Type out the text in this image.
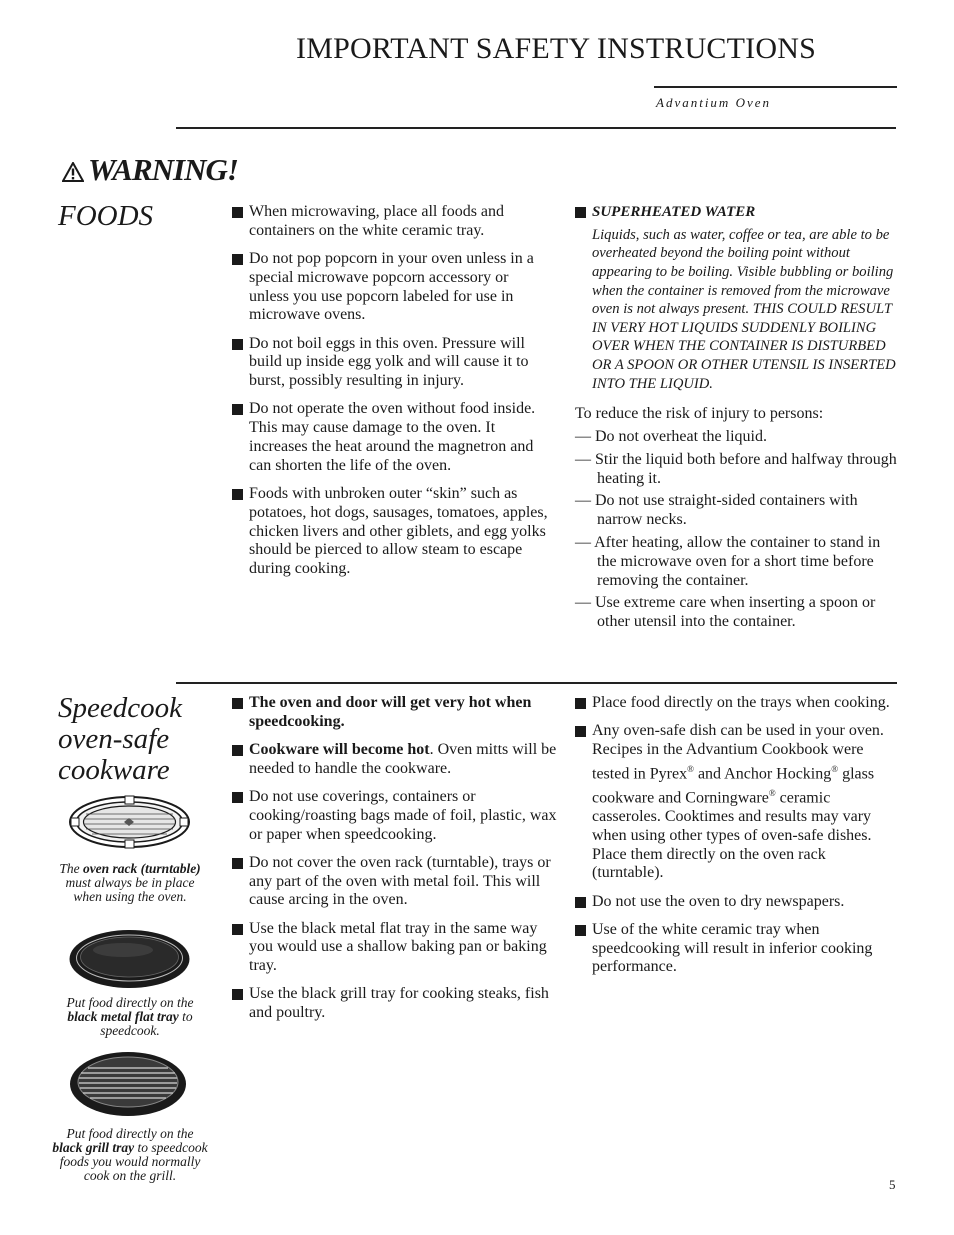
IMPORTANT SAFETY INSTRUCTIONS
Advantium Oven
WARNING!
FOODS	When microwaving, place all foods and containers on the white ceramic tray.
Do not pop popcorn in your oven unless in a special microwave popcorn accessory or unless you use popcorn labeled for use in microwave ovens.
Do not boil eggs in this oven. Pressure will build up inside egg yolk and will cause it to burst, possibly resulting in injury.
Do not operate the oven without food inside. This may cause damage to the oven. It increases the heat around the magnetron and can shorten the life of the oven.
Foods with unbroken outer “skin” such as potatoes, hot dogs, sausages, tomatoes, apples, chicken livers and other giblets, and egg yolks should be pierced to allow steam to escape during cooking.
SUPERHEATED WATER
Liquids, such as water, coffee or tea, are able to be overheated beyond the boiling point without appearing to be boiling. Visible bubbling or boiling when the container is removed from the microwave oven is not always present. THIS COULD RESULT IN VERY HOT LIQUIDS SUDDENLY BOILING OVER WHEN THE CONTAINER IS DISTURBED OR A SPOON OR OTHER UTENSIL IS INSERTED INTO THE LIQUID.
To reduce the risk of injury to persons:
— Do not overheat the liquid.
— Stir the liquid both before and halfway through heating it.
— Do not use straight-sided containers with narrow necks.
— After heating, allow the container to stand in the microwave oven for a short time before removing the container.
— Use extreme care when inserting a spoon or other utensil into the container.
Speedcook
oven-safe
cookware
The oven rack (turntable) must always be in place when using the oven.
Put food directly on the black metal flat tray to speedcook.
Put food directly on the black grill tray to speedcook foods you would normally cook on the grill.
The oven and door will get very hot when speedcooking.
Cookware will become hot. Oven mitts will be needed to handle the cookware.
Do not use coverings, containers or cooking/roasting bags made of foil, plastic, wax or paper when speedcooking.
Do not cover the oven rack (turntable), trays or any part of the oven with metal foil. This will cause arcing in the oven.
Use the black metal flat tray in the same way you would use a shallow baking pan or baking tray.
Use the black grill tray for cooking steaks, fish and poultry.
Place food directly on the trays when cooking.
Any oven-safe dish can be used in your oven. Recipes in the Advantium Cookbook were tested in Pyrex® and Anchor Hocking® glass cookware and Corningware® ceramic casseroles. Cooktimes and results may vary when using other types of oven-safe dishes. Place them directly on the oven rack (turntable).
Do not use the oven to dry newspapers.
Use of the white ceramic tray when speedcooking will result in inferior cooking performance.
5
